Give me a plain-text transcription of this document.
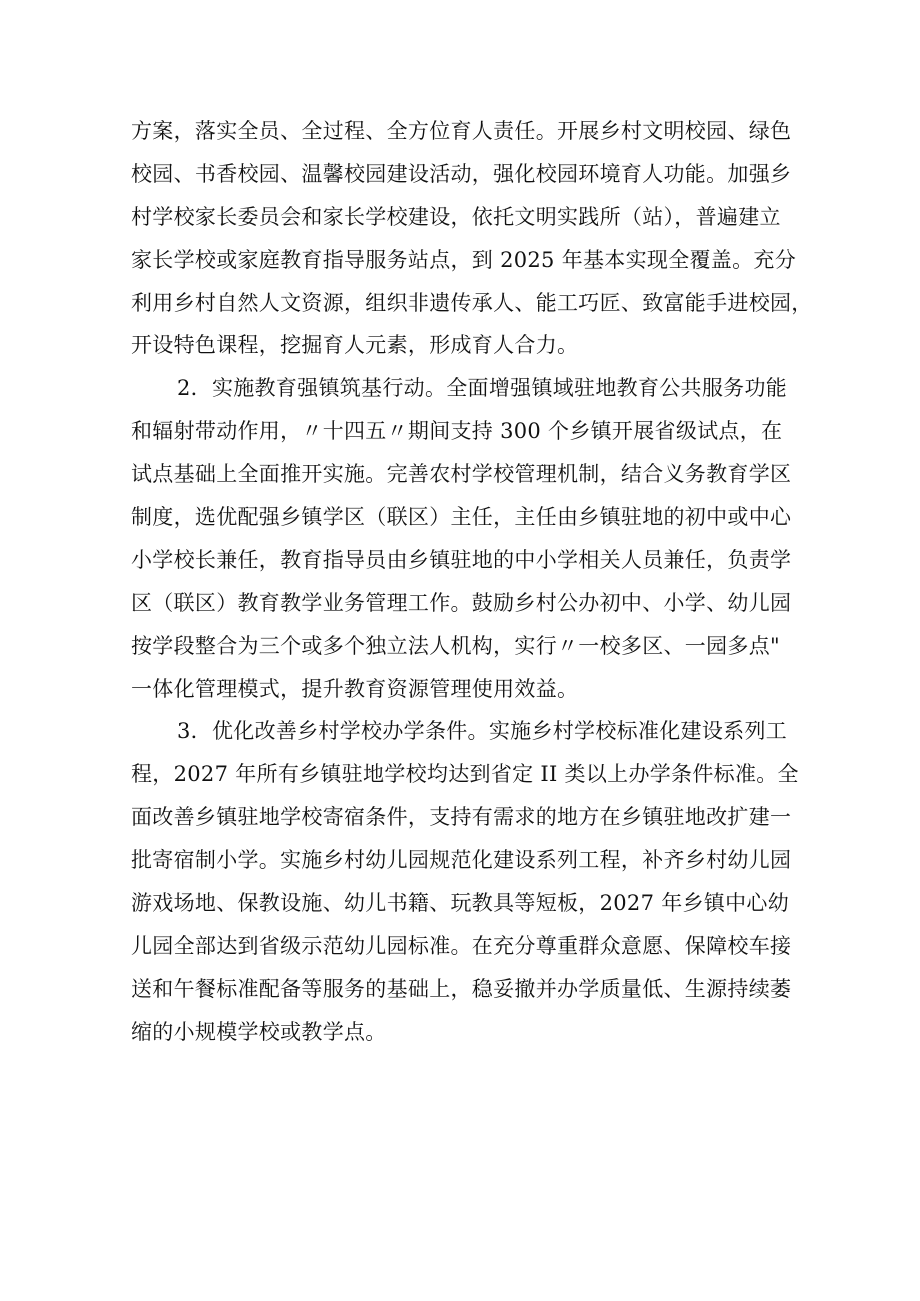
方案，落实全员、全过程、全方位育人责任。开展乡村文明校园、绿色
校园、书香校园、温馨校园建设活动，强化校园环境育人功能。加强乡
村学校家长委员会和家长学校建设，依托文明实践所（站），普遍建立
家长学校或家庭教育指导服务站点，到 2025 年基本实现全覆盖。充分
利用乡村自然人文资源，组织非遗传承人、能工巧匠、致富能手进校园，
开设特色课程，挖掘育人元素，形成育人合力。
2．实施教育强镇筑基行动。全面增强镇域驻地教育公共服务功能
和辐射带动作用，〃十四五〃期间支持 300 个乡镇开展省级试点，在
试点基础上全面推开实施。完善农村学校管理机制，结合义务教育学区
制度，选优配强乡镇学区（联区）主任，主任由乡镇驻地的初中或中心
小学校长兼任，教育指导员由乡镇驻地的中小学相关人员兼任，负责学
区（联区）教育教学业务管理工作。鼓励乡村公办初中、小学、幼儿园
按学段整合为三个或多个独立法人机构，实行〃一校多区、一园多点"
一体化管理模式，提升教育资源管理使用效益。
3．优化改善乡村学校办学条件。实施乡村学校标准化建设系列工
程，2027 年所有乡镇驻地学校均达到省定 II 类以上办学条件标准。全
面改善乡镇驻地学校寄宿条件，支持有需求的地方在乡镇驻地改扩建一
批寄宿制小学。实施乡村幼儿园规范化建设系列工程，补齐乡村幼儿园
游戏场地、保教设施、幼儿书籍、玩教具等短板，2027 年乡镇中心幼
儿园全部达到省级示范幼儿园标准。在充分尊重群众意愿、保障校车接
送和午餐标准配备等服务的基础上，稳妥撤并办学质量低、生源持续萎
缩的小规模学校或教学点。
